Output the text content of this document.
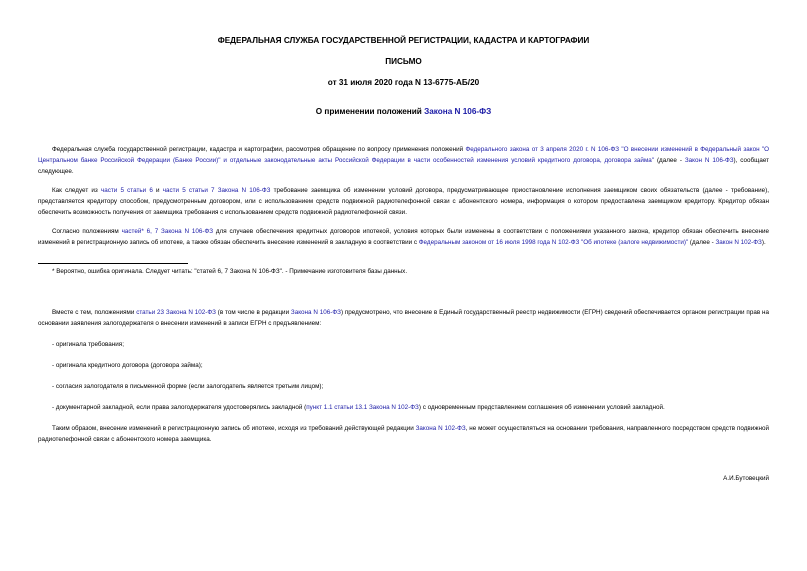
ФЕДЕРАЛЬНАЯ СЛУЖБА ГОСУДАРСТВЕННОЙ РЕГИСТРАЦИИ, КАДАСТРА И КАРТОГРАФИИ
ПИСЬМО
от 31 июля 2020 года N 13-6775-АБ/20
О применении положений Закона N 106-ФЗ

Федеральная служба государственной регистрации, кадастра и картографии, рассмотрев обращение по вопросу применения положений Федерального закона от 3 апреля 2020 г. N 106-ФЗ "О внесении изменений в Федеральный закон "О Центральном банке Российской Федерации (Банке России)" и отдельные законодательные акты Российской Федерации в части особенностей изменения условий кредитного договора, договора займа" (далее - Закон N 106-ФЗ), сообщает следующее.

Как следует из части 5 статьи 6 и части 5 статьи 7 Закона N 106-ФЗ требование заемщика об изменении условий договора, предусматривающее приостановление исполнения заемщиком своих обязательств (далее - требование), представляется кредитору способом, предусмотренным договором, или с использованием средств подвижной радиотелефонной связи с абонентского номера, информация о котором предоставлена заемщиком кредитору. Кредитор обязан обеспечить возможность получения от заемщика требования с использованием средств подвижной радиотелефонной связи.

Согласно положениям частей* 6, 7 Закона N 106-ФЗ для случаев обеспечения кредитных договоров ипотекой, условия которых были изменены в соответствии с положениями указанного закона, кредитор обязан обеспечить внесение изменений в регистрационную запись об ипотеке, а также обязан обеспечить внесение изменений в закладную в соответствии с Федеральным законом от 16 июля 1998 года N 102-ФЗ "Об ипотеке (залоге недвижимости)" (далее - Закон N 102-ФЗ).

* Вероятно, ошибка оригинала. Следует читать: "статей 6, 7 Закона N 106-ФЗ". - Примечание изготовителя базы данных.

Вместе с тем, положениями статьи 23 Закона N 102-ФЗ (в том числе в редакции Закона N 106-ФЗ) предусмотрено, что внесение в Единый государственный реестр недвижимости (ЕГРН) сведений обеспечивается органом регистрации прав на основании заявления залогодержателя о внесении изменений в записи ЕГРН с предъявлением:

- оригинала требования;
- оригинала кредитного договора (договора займа);
- согласия залогодателя в письменной форме (если залогодатель является третьим лицом);
- документарной закладной, если права залогодержателя удостоверялись закладной (пункт 1.1 статьи 13.1 Закона N 102-ФЗ) с одновременным представлением соглашения об изменении условий закладной.

Таким образом, внесение изменений в регистрационную запись об ипотеке, исходя из требований действующей редакции Закона N 102-ФЗ, не может осуществляться на основании требования, направленного посредством средств подвижной радиотелефонной связи с абонентского номера заемщика.

А.И.Бутовецкий
